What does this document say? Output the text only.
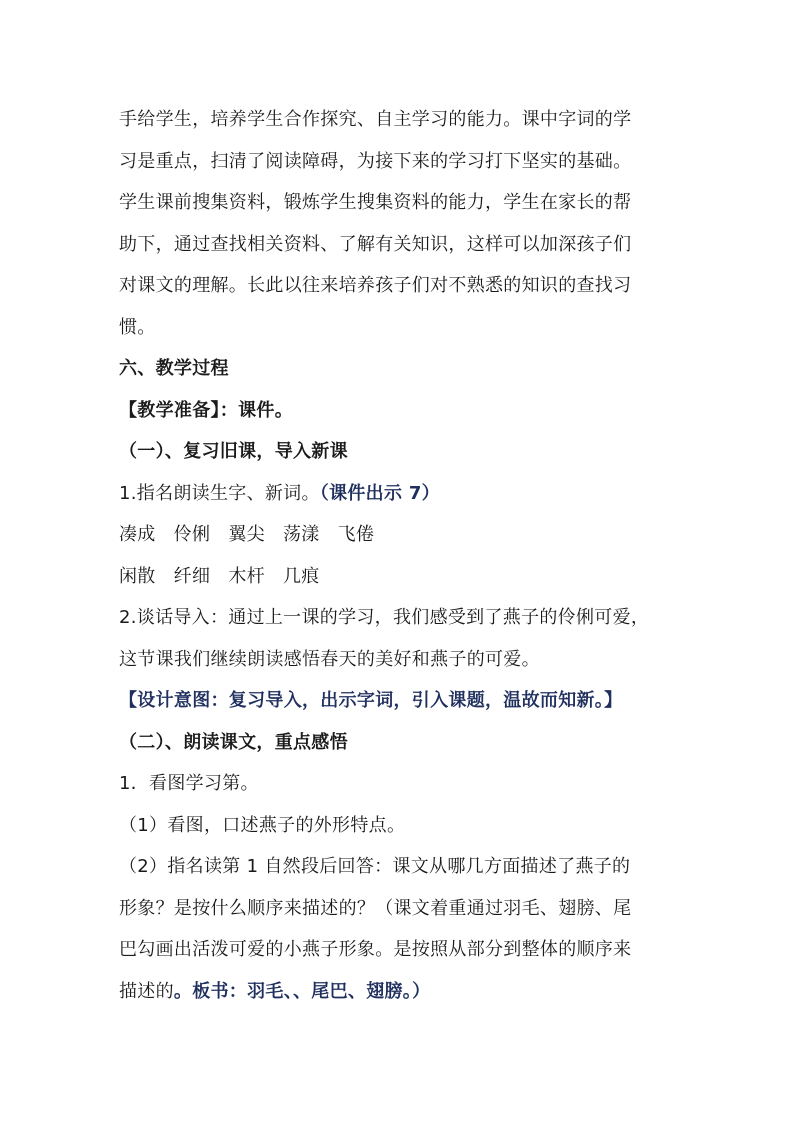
手给学生，培养学生合作探究、自主学习的能力。课中字词的学

习是重点，扫清了阅读障碍，为接下来的学习打下坚实的基础。

学生课前搜集资料，锻炼学生搜集资料的能力，学生在家长的帮

助下，通过查找相关资料、了解有关知识，这样可以加深孩子们

对课文的理解。长此以往来培养孩子们对不熟悉的知识的查找习

惯。

六、教学过程

【教学准备】：课件。

（一）、复习旧课，导入新课

1.指名朗读生字、新词。（课件出示 7）

凑成   伶俐   翼尖   荡漾   飞倦

闲散   纤细   木杆   几痕

2.谈话导入：通过上一课的学习，我们感受到了燕子的伶俐可爱，

这节课我们继续朗读感悟春天的美好和燕子的可爱。

【设计意图：复习导入，出示字词，引入课题，温故而知新。】

（二）、朗读课文，重点感悟

1．看图学习第。

（1）看图，口述燕子的外形特点。

（2）指名读第 1 自然段后回答：课文从哪几方面描述了燕子的

形象？是按什么顺序来描述的？（课文着重通过羽毛、翅膀、尾

巴勾画出活泼可爱的小燕子形象。是按照从部分到整体的顺序来

描述的。板书：羽毛、、尾巴、翅膀。）
